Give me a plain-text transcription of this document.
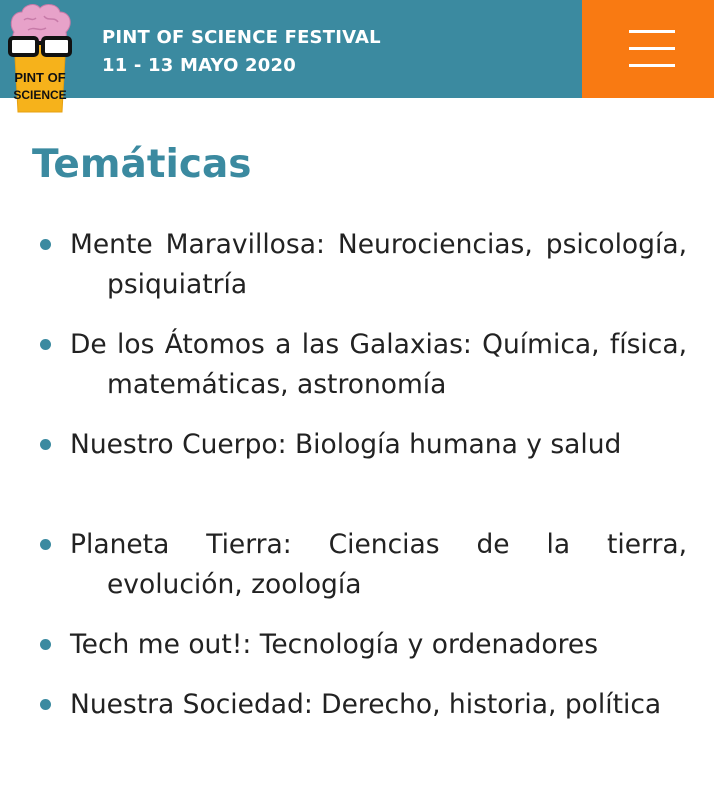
PINT OF
SCIENCE
PINT OF SCIENCE FESTIVAL
11 - 13 MAYO 2020
Temáticas
Mente Maravillosa: Neurociencias, psicología, psiquiatría
De los Átomos a las Galaxias: Química, física, matemáticas, astronomía
Nuestro Cuerpo: Biología humana y salud
Planeta Tierra: Ciencias de la tierra, evolución, zoología
Tech me out!: Tecnología y ordenadores
Nuestra Sociedad: Derecho, historia, política
